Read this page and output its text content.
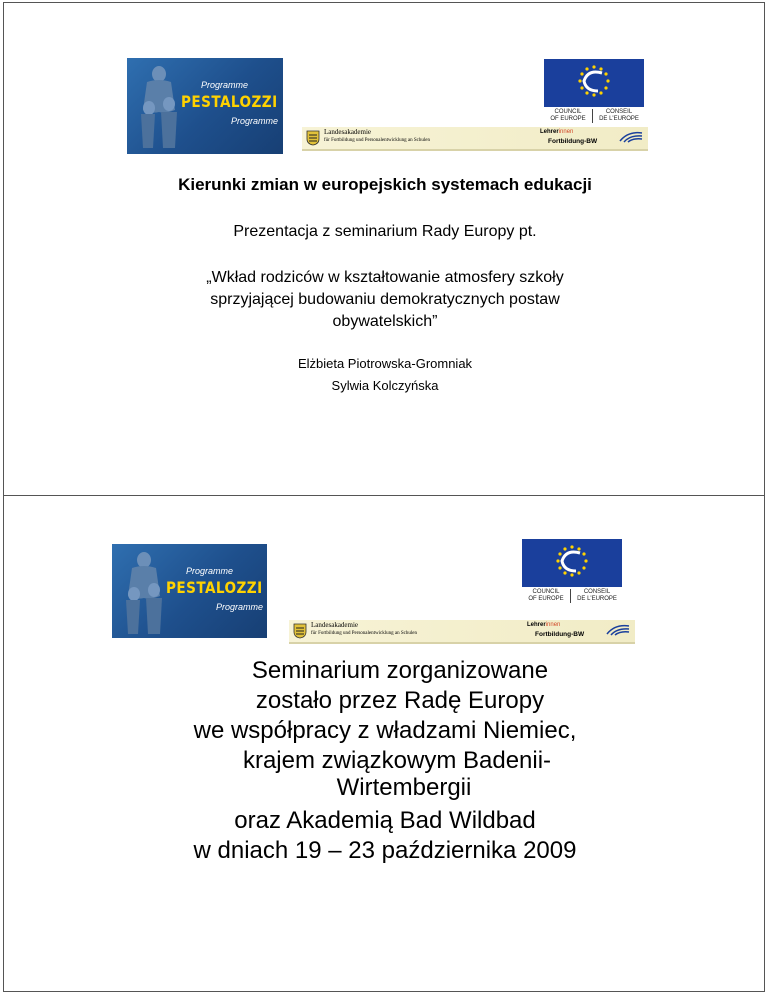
Programme
PESTALOZZI
Programme
COUNCIL
OF EUROPE
CONSEIL
DE L'EUROPE
Landesakademie
für Fortbildung und Personalentwicklung an Schulen
Lehrerinnen
Fortbildung-BW
Kierunki zmian w europejskich systemach edukacji
Prezentacja z seminarium Rady Europy pt.
„Wkład rodziców w kształtowanie atmosfery szkoły
sprzyjającej budowaniu demokratycznych postaw
obywatelskich”
Elżbieta Piotrowska-Gromniak
Sylwia Kolczyńska
Programme
PESTALOZZI
Programme
COUNCIL
OF EUROPE
CONSEIL
DE L'EUROPE
Landesakademie
für Fortbildung und Personalentwicklung an Schulen
Lehrerinnen
Fortbildung-BW
Seminarium zorganizowane
zostało przez Radę Europy
we współpracy z władzami Niemiec,
krajem związkowym Badenii-
Wirtembergii
oraz Akademią Bad Wildbad
w dniach 19 – 23 października 2009
